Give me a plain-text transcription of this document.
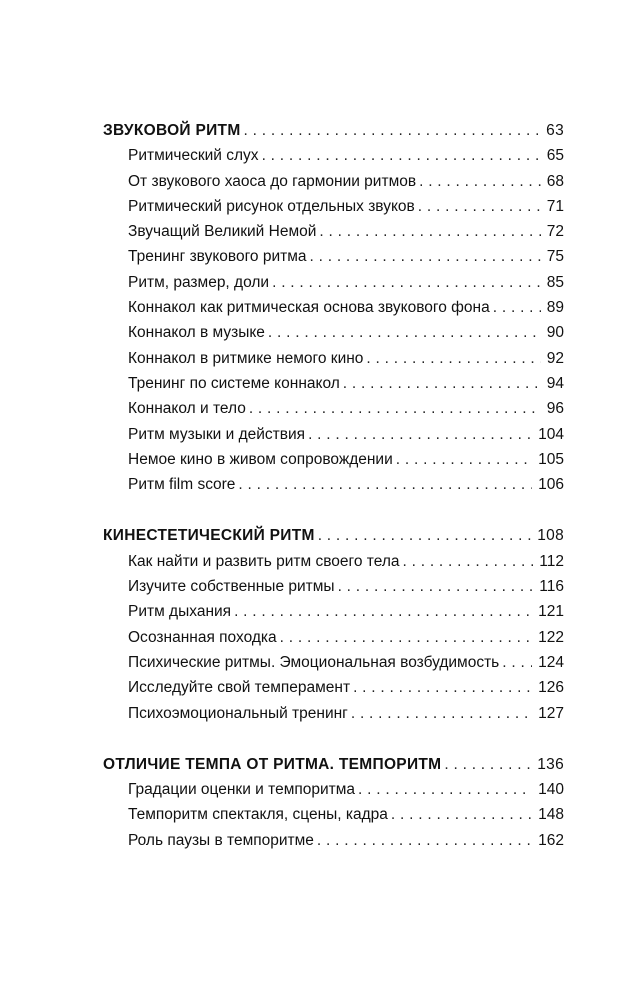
ЗВУКОВОЙ РИТМ . . .	63
Ритмический слух . . .	65
От звукового хаоса до гармонии ритмов . . .	68
Ритмический рисунок отдельных звуков . . .	71
Звучащий Великий Немой . . .	72
Тренинг звукового ритма . . .	75
Ритм, размер, доли . . .	85
Коннакол как ритмическая основа звукового фона . . .	89
Коннакол в музыке . . .	90
Коннакол в ритмике немого кино . . .	92
Тренинг по системе коннакол . . .	94
Коннакол и тело . . .	96
Ритм музыки и действия . . .	104
Немое кино в живом сопровождении . . .	105
Ритм film score . . .	106
КИНЕСТЕТИЧЕСКИЙ РИТМ . . .	108
Как найти и развить ритм своего тела . . .	112
Изучите собственные ритмы . . .	116
Ритм дыхания . . .	121
Осознанная походка . . .	122
Психические ритмы. Эмоциональная возбудимость . . .	124
Исследуйте свой темперамент . . .	126
Психоэмоциональный тренинг . . .	127
ОТЛИЧИЕ ТЕМПА ОТ РИТМА. ТЕМПОРИТМ . . .	136
Градации оценки и темпоритма . . .	140
Темпоритм спектакля, сцены, кадра . . .	148
Роль паузы в темпоритме . . .	162
